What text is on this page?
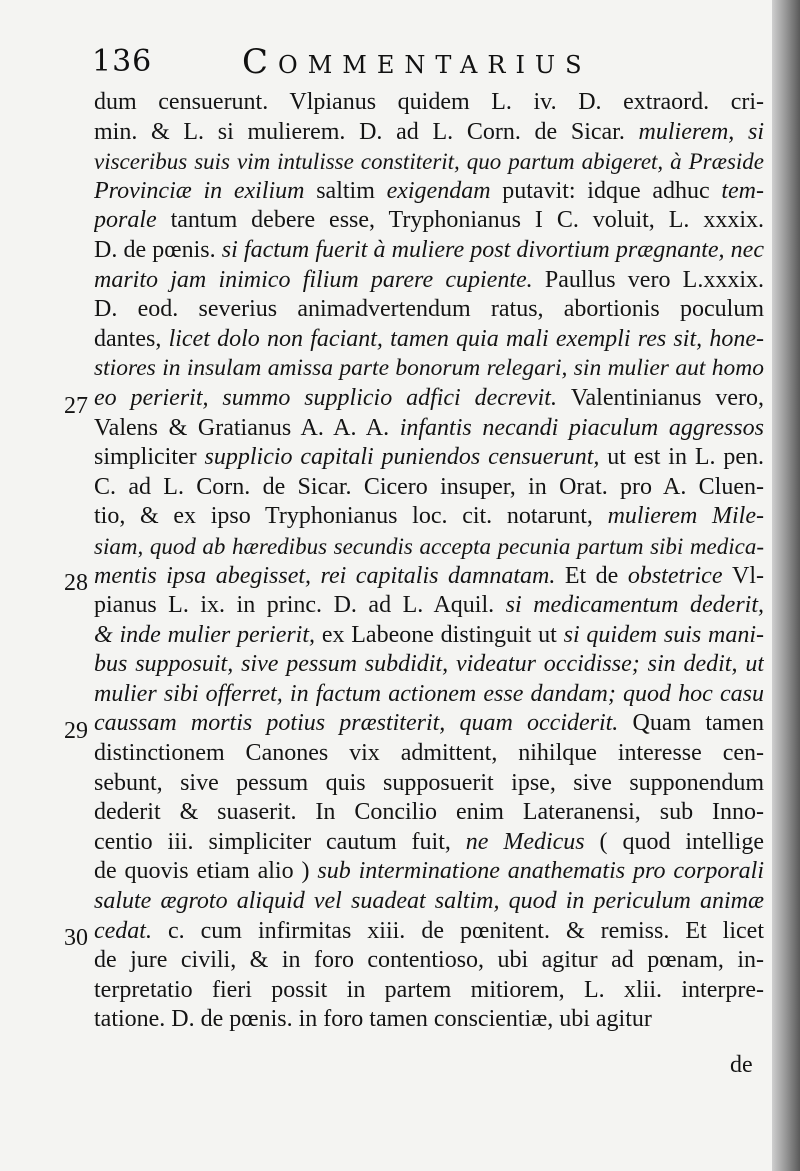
136	Commentarius
dum censuerunt. Vlpianus quidem L. iv. D. extraord. cri-
min. & L. si mulierem. D. ad L. Corn. de Sicar. mulierem, si
visceribus suis vim intulisse constiterit, quo partum abigeret, à Præside
Provinciæ in exilium saltim exigendam putavit: idque adhuc tem-
porale tantum debere esse, Tryphonianus I C. voluit, L. xxxix.
D. de pœnis. si factum fuerit à muliere post divortium prægnante, nec
marito jam inimico filium parere cupiente. Paullus vero L.xxxix.
D. eod. severius animadvertendum ratus, abortionis poculum
dantes, licet dolo non faciant, tamen quia mali exempli res sit, hone-
stiores in insulam amissa parte bonorum relegari, sin mulier aut homo
eo perierit, summo supplicio adfici decrevit. Valentinianus vero,
Valens & Gratianus A. A. A. infantis necandi piaculum aggressos
simpliciter supplicio capitali puniendos censuerunt, ut est in L. pen.
C. ad L. Corn. de Sicar. Cicero insuper, in Orat. pro A. Cluen-
tio, & ex ipso Tryphonianus loc. cit. notarunt, mulierem Mile-
siam, quod ab hæredibus secundis accepta pecunia partum sibi medica-
mentis ipsa abegisset, rei capitalis damnatam. Et de obstetrice Vl-
pianus L. ix. in princ. D. ad L. Aquil. si medicamentum dederit,
& inde mulier perierit, ex Labeone distinguit ut si quidem suis mani-
bus supposuit, sive pessum subdidit, videatur occidisse; sin dedit, ut
mulier sibi offerret, in factum actionem esse dandam; quod hoc casu
caussam mortis potius præstiterit, quam occiderit. Quam tamen
distinctionem Canones vix admittent, nihilque interesse cen-
sebunt, sive pessum quis supposuerit ipse, sive supponendum
dederit & suaserit. In Concilio enim Lateranensi, sub Inno-
centio iii. simpliciter cautum fuit, ne Medicus ( quod intellige
de quovis etiam alio ) sub interminatione anathematis pro corporali
salute ægroto aliquid vel suadeat saltim, quod in periculum animæ
cedat. c. cum infirmitas xiii. de pœnitent. & remiss. Et licet
de jure civili, & in foro contentioso, ubi agitur ad pœnam, in-
terpretatio fieri possit in partem mitiorem, L. xlii. interpre-
tatione. D. de pœnis. in foro tamen conscientiæ, ubi agitur
27
28
29
30
de
